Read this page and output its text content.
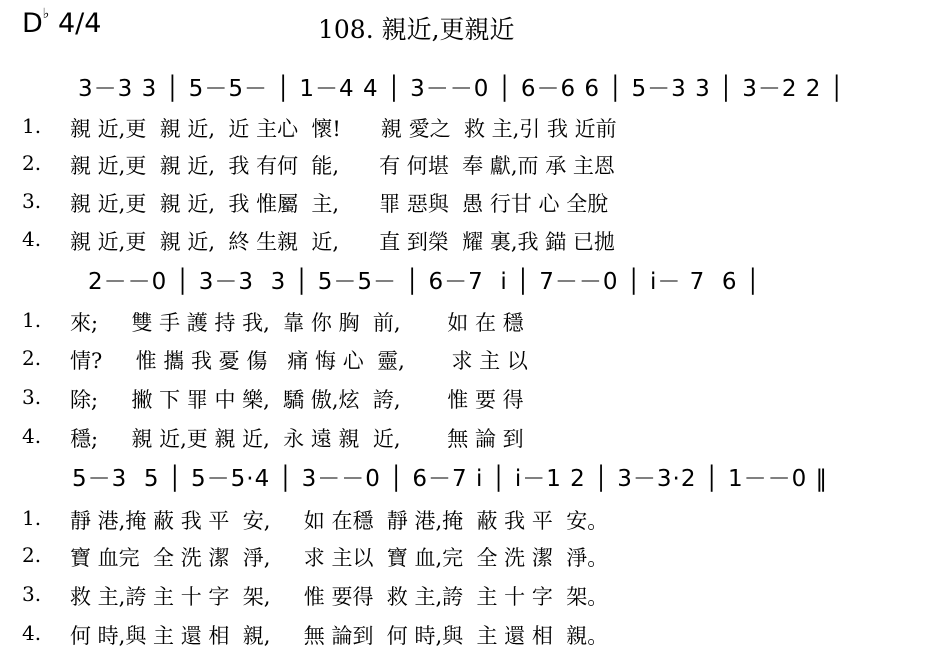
D♭ 4/4	108. 親近,更親近
3－3 3 │ 5－5－ │ 1－4 4 │ 3－－0 │ 6－6 6 │ 5－3 3 │ 3－2 2 │
1. 親 近,更  親 近,  近 主心  懷!      親 愛之  救 主,引 我 近前
2. 親 近,更  親 近,  我 有何  能,      有 何堪  奉 獻,而 承 主恩
3. 親 近,更  親 近,  我 惟屬  主,      罪 惡與  愚 行甘 心 全脫
4. 親 近,更  親 近,  終 生親  近,      直 到榮  耀 裏,我 錨 已拋
2－－0 │ 3－3  3 │ 5－5－ │ 6－7  i │ 7－－0 │ i－ 7  6 │
1. 來;     雙 手 護 持 我,  靠 你 胸  前,       如 在 穩
2. 情?     惟 攜 我 憂 傷   痛 悔 心  靈,       求 主 以
3. 除;     撇 下 罪 中 樂,  驕 傲,炫  誇,       惟 要 得
4. 穩;     親 近,更 親 近,  永 遠 親  近,       無 論 到
5－3  5 │ 5－5·4 │ 3－－0 │ 6－7 i │ i－1 2 │ 3－3·2 │ 1－－0 ‖
1. 靜 港,掩 蔽 我 平  安,     如 在穩  靜 港,掩  蔽 我 平  安。
2. 寶 血完  全 洗 潔  淨,     求 主以  寶 血,完  全 洗 潔  淨。
3. 救 主,誇 主 十 字  架,     惟 要得  救 主,誇  主 十 字  架。
4. 何 時,與 主 還 相  親,     無 論到  何 時,與  主 還 相  親。
